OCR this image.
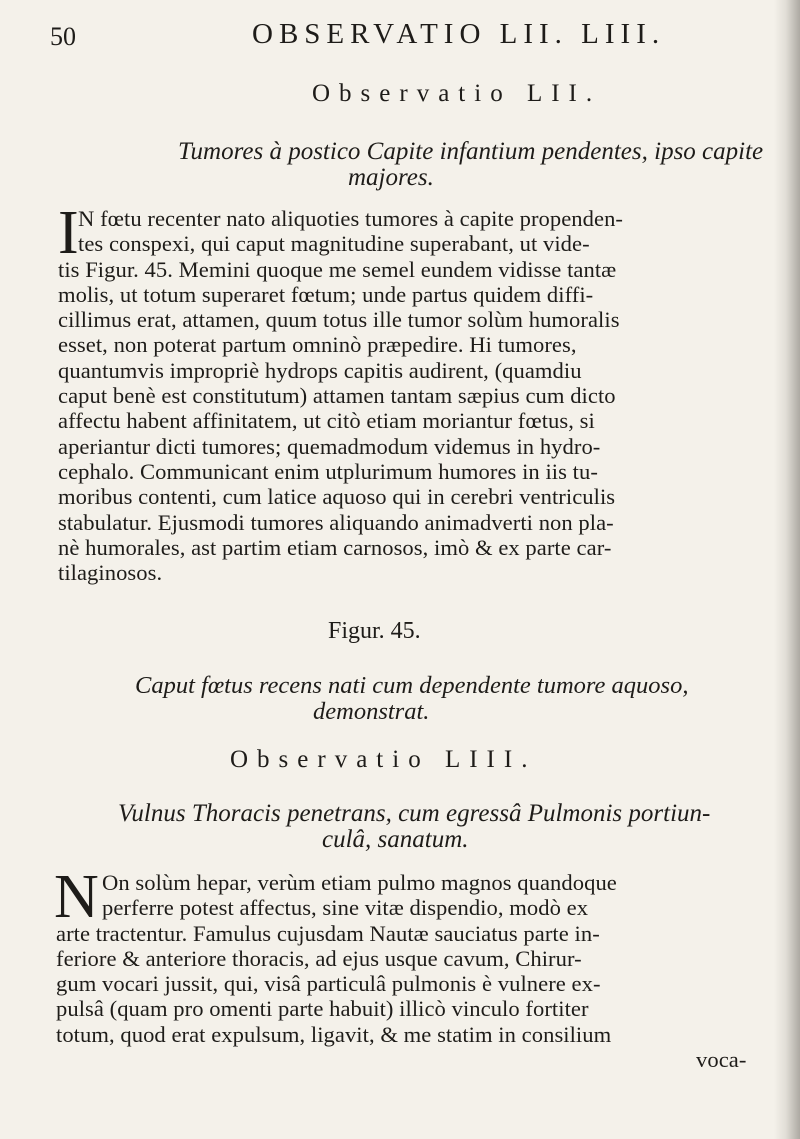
50	OBSERVATIO LII. LIII.
Observatio LII.
Tumores à postico Capite infantium pendentes, ipso capite
majores.
I N fœtu recenter nato aliquoties tumores à capite propenden-
tes conspexi, qui caput magnitudine superabant, ut vide-
tis Figur. 45. Memini quoque me semel eundem vidisse tantæ
molis, ut totum superaret fœtum; unde partus quidem diffi-
cillimus erat, attamen, quum totus ille tumor solùm humoralis
esset, non poterat partum omninò præpedire. Hi tumores,
quantumvis impropriè hydrops capitis audirent, (quamdiu
caput benè est constitutum) attamen tantam sæpius cum dicto
affectu habent affinitatem, ut citò etiam moriantur fœtus, si
aperiantur dicti tumores; quemadmodum videmus in hydro-
cephalo. Communicant enim utplurimum humores in iis tu-
moribus contenti, cum latice aquoso qui in cerebri ventriculis
stabulatur. Ejusmodi tumores aliquando animadverti non pla-
nè humorales, ast partim etiam carnosos, imò & ex parte car-
tilaginosos.
Figur. 45.
Caput fœtus recens nati cum dependente tumore aquoso,
demonstrat.
Observatio LIII.
Vulnus Thoracis penetrans, cum egressâ Pulmonis portiun-
culâ, sanatum.
N On solùm hepar, verùm etiam pulmo magnos quandoque
perferre potest affectus, sine vitæ dispendio, modò ex
arte tractentur. Famulus cujusdam Nautæ sauciatus parte in-
feriore & anteriore thoracis, ad ejus usque cavum, Chirur-
gum vocari jussit, qui, visâ particulâ pulmonis è vulnere ex-
pulsâ (quam pro omenti parte habuit) illicò vinculo fortiter
totum, quod erat expulsum, ligavit, & me statim in consilium
voca-
